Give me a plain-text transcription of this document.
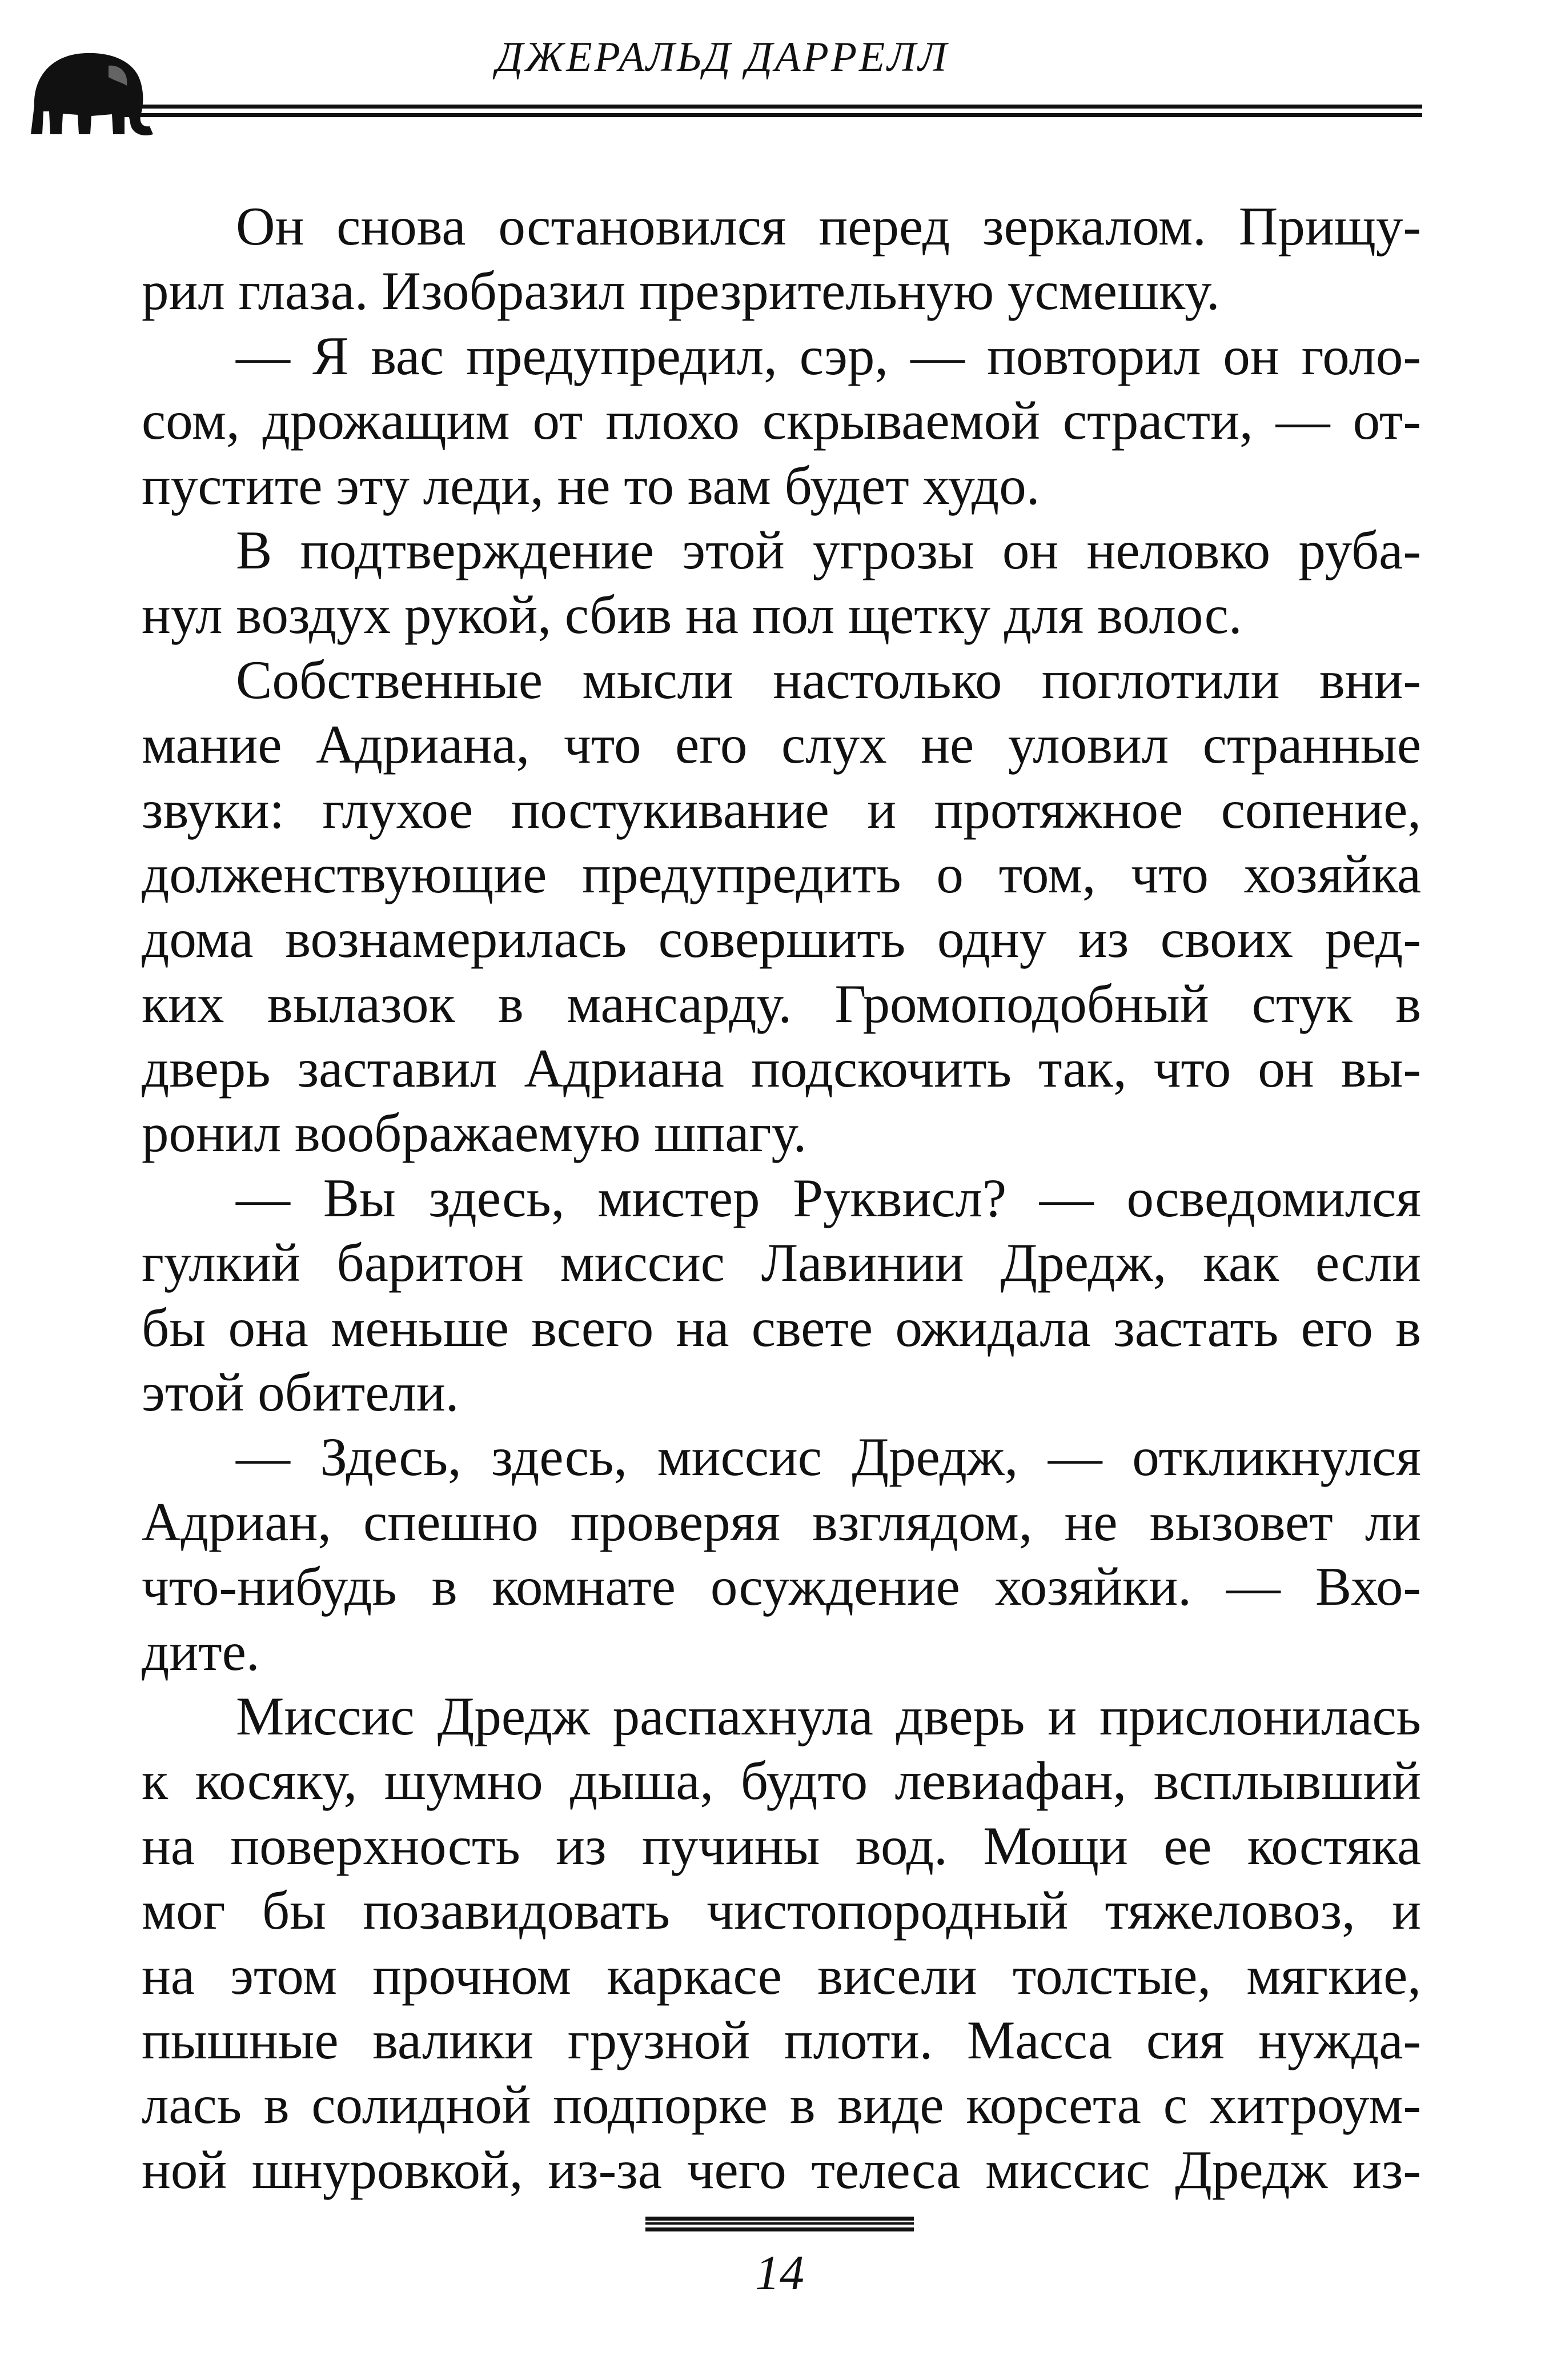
ДЖЕРАЛЬД ДАРРЕЛЛ
Он снова остановился перед зеркалом. Прищу-
рил глаза. Изобразил презрительную усмешку.
— Я вас предупредил, сэр, — повторил он голо-
сом, дрожащим от плохо скрываемой страсти, — от-
пустите эту леди, не то вам будет худо.
В подтверждение этой угрозы он неловко руба-
нул воздух рукой, сбив на пол щетку для волос.
Собственные мысли настолько поглотили вни-
мание Адриана, что его слух не уловил странные
звуки: глухое постукивание и протяжное сопение,
долженствующие предупредить о том, что хозяйка
дома вознамерилась совершить одну из своих ред-
ких вылазок в мансарду. Громоподобный стук в
дверь заставил Адриана подскочить так, что он вы-
ронил воображаемую шпагу.
— Вы здесь, мистер Руквисл? — осведомился
гулкий баритон миссис Лавинии Дредж, как если
бы она меньше всего на свете ожидала застать его в
этой обители.
— Здесь, здесь, миссис Дредж, — откликнулся
Адриан, спешно проверяя взглядом, не вызовет ли
что-нибудь в комнате осуждение хозяйки. — Вхо-
дите.
Миссис Дредж распахнула дверь и прислонилась
к косяку, шумно дыша, будто левиафан, всплывший
на поверхность из пучины вод. Мощи ее костяка
мог бы позавидовать чистопородный тяжеловоз, и
на этом прочном каркасе висели толстые, мягкие,
пышные валики грузной плоти. Масса сия нужда-
лась в солидной подпорке в виде корсета с хитроум-
ной шнуровкой, из-за чего телеса миссис Дредж из-
14
